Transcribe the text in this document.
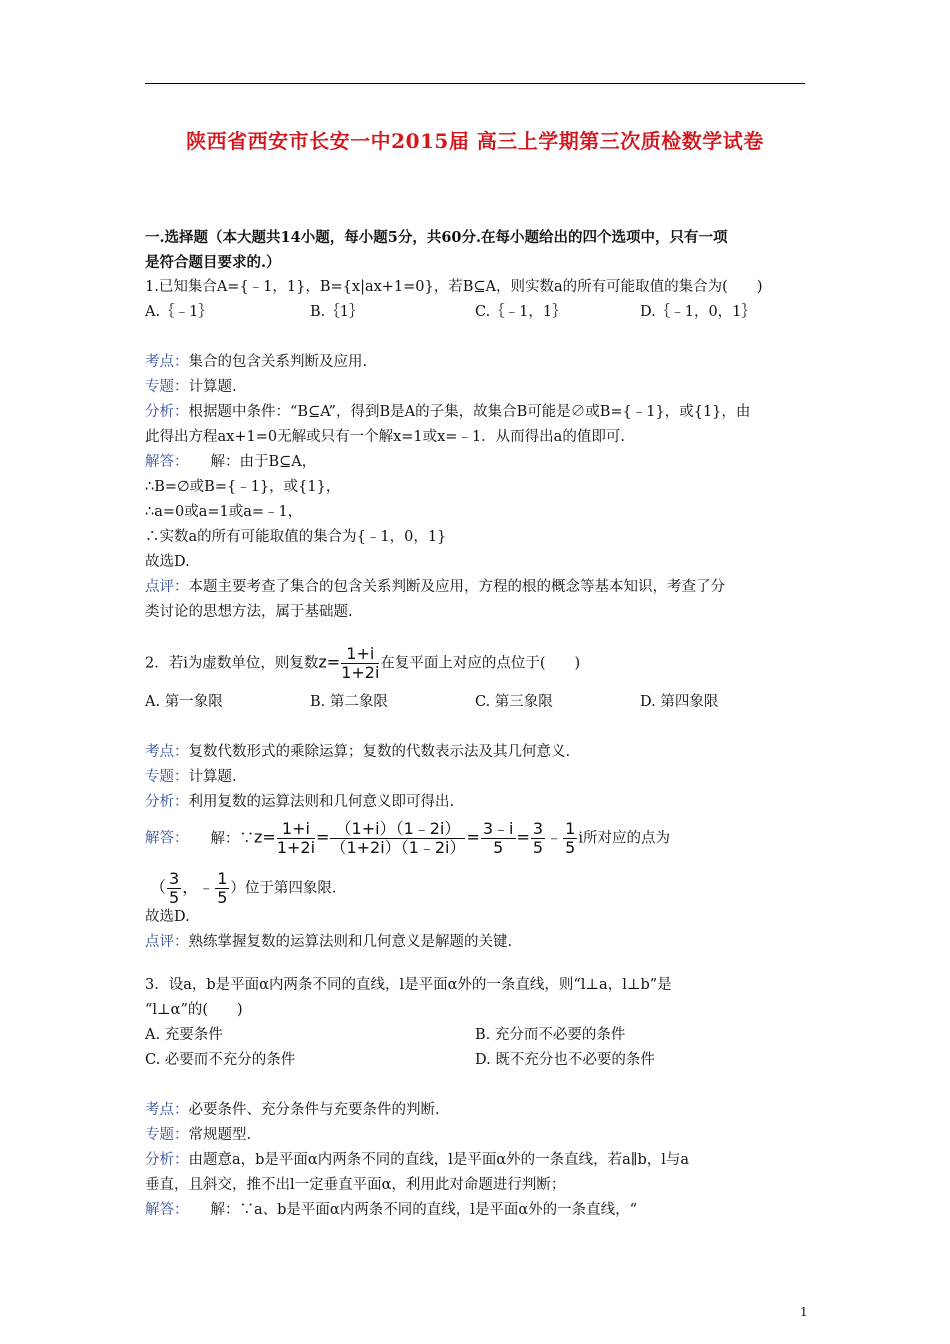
陕西省西安市长安一中2015届 高三上学期第三次质检数学试卷
一.选择题（本大题共14小题，每小题5分，共60分.在每小题给出的四个选项中，只有一项
是符合题目要求的.）
1.已知集合A={﹣1，1}，B={x|ax+1=0}，若B⊆A，则实数a的所有可能取值的集合为(　　)
A.｛﹣1｝	B.｛1｝	C.｛﹣1，1｝	D.｛﹣1，0，1｝
考点：集合的包含关系判断及应用.
专题：计算题.
分析：根据题中条件：“B⊆A”，得到B是A的子集，故集合B可能是∅或B={﹣1}，或{1}，由
此得出方程ax+1=0无解或只有一个解x=1或x=﹣1．从而得出a的值即可.
解答： 解：由于B⊆A，
∴B=∅或B={﹣1}，或{1}，
∴a=0或a=1或a=﹣1，
∴实数a的所有可能取值的集合为{﹣1，0，1}
故选D.
点评：本题主要考查了集合的包含关系判断及应用，方程的根的概念等基本知识，考查了分
类讨论的思想方法，属于基础题.
2．若i为虚数单位，则复数$z= \frac{1+i}{1+2i}$ 在复平面上对应的点位于(　　)
A. 第一象限	B. 第二象限	C. 第三象限	D. 第四象限
考点：复数代数形式的乘除运算；复数的代数表示法及其几何意义.
专题：计算题.
分析：利用复数的运算法则和几何意义即可得出.
解答： 解：∵z= $\frac{1+i}{1+2i} = \frac{(1+i)(1﹣2i)}{(1+2i)(1﹣2i)} = \frac{3﹣i}{5} = \frac{3}{5}$ ﹣ $\frac{1}{5}$ i所对应的点为
（ $\frac{3}{5}$ ，﹣ $\frac{1}{5}$ ）位于第四象限.
故选D.
点评：熟练掌握复数的运算法则和几何意义是解题的关键.
3．设a，b是平面α内两条不同的直线，l是平面α外的一条直线，则“l⊥a，l⊥b”是
“l⊥α”的(　　)
A. 充要条件	B. 充分而不必要的条件
C. 必要而不充分的条件	D. 既不充分也不必要的条件
考点：必要条件、充分条件与充要条件的判断.
专题：常规题型.
分析：由题意a，b是平面α内两条不同的直线，l是平面α外的一条直线，若a∥b，l与a
垂直，且斜交，推不出l一定垂直平面α，利用此对命题进行判断；
解答： 解：∵a、b是平面α内两条不同的直线，l是平面α外的一条直线，“
1
